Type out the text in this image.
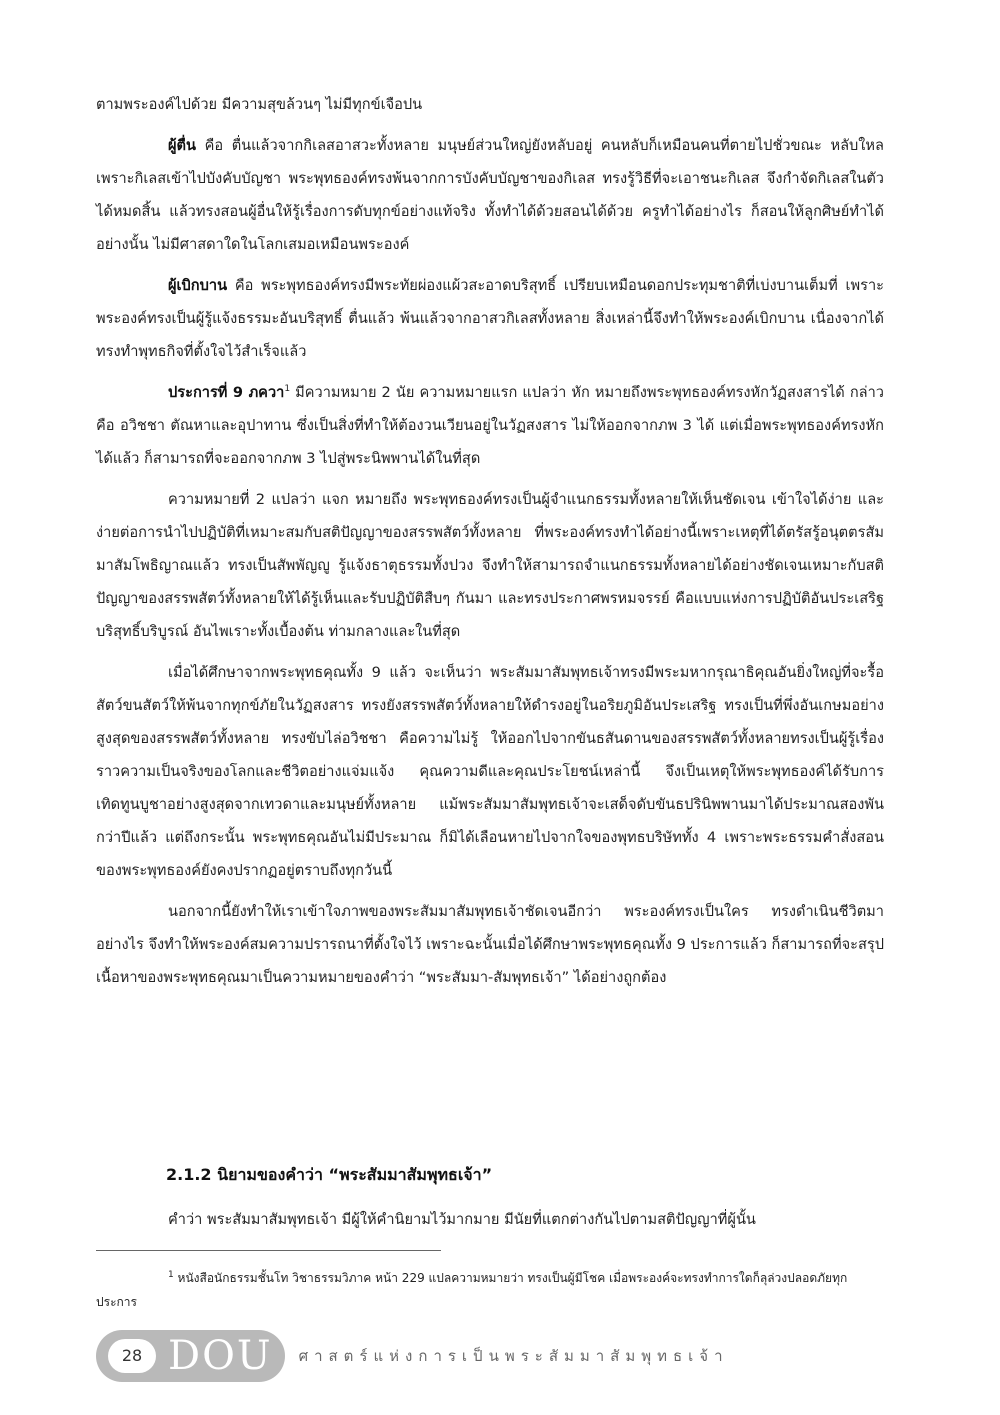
ตามพระองค์ไปด้วย มีความสุขล้วนๆ ไม่มีทุกข์เจือปน

ผู้ตื่น คือ ตื่นแล้วจากกิเลสอาสวะทั้งหลาย มนุษย์ส่วนใหญ่ยังหลับอยู่ คนหลับก็เหมือนคนที่ตายไปชั่วขณะ หลับใหลเพราะกิเลสเข้าไปบังคับบัญชา พระพุทธองค์ทรงพ้นจากการบังคับบัญชาของกิเลส ทรงรู้วิธีที่จะเอาชนะกิเลส จึงกำจัดกิเลสในตัวได้หมดสิ้น แล้วทรงสอนผู้อื่นให้รู้เรื่องการดับทุกข์อย่างแท้จริง ทั้งทำได้ด้วยสอนได้ด้วย ครูทำได้อย่างไร ก็สอนให้ลูกศิษย์ทำได้อย่างนั้น ไม่มีศาสดาใดในโลกเสมอเหมือนพระองค์

ผู้เบิกบาน คือ พระพุทธองค์ทรงมีพระทัยผ่องแผ้วสะอาดบริสุทธิ์ เปรียบเหมือนดอกประทุมชาติที่เบ่งบานเต็มที่ เพราะพระองค์ทรงเป็นผู้รู้แจ้งธรรมะอันบริสุทธิ์ ตื่นแล้ว พ้นแล้วจากอาสวกิเลสทั้งหลาย สิ่งเหล่านี้จึงทำให้พระองค์เบิกบาน เนื่องจากได้ทรงทำพุทธกิจที่ตั้งใจไว้สำเร็จแล้ว

ประการที่ 9 ภควา$^1$ มีความหมาย 2 นัย ความหมายแรก แปลว่า หัก หมายถึงพระพุทธองค์ทรงหักวัฏสงสารได้ กล่าวคือ อวิชชา ตัณหาและอุปาทาน ซึ่งเป็นสิ่งที่ทำให้ต้องวนเวียนอยู่ในวัฏสงสาร ไม่ให้ออกจากภพ 3 ได้ แต่เมื่อพระพุทธองค์ทรงหักได้แล้ว ก็สามารถที่จะออกจากภพ 3 ไปสู่พระนิพพานได้ในที่สุด

ความหมายที่ 2 แปลว่า แจก หมายถึง พระพุทธองค์ทรงเป็นผู้จำแนกธรรมทั้งหลายให้เห็นชัดเจน เข้าใจได้ง่าย และง่ายต่อการนำไปปฏิบัติที่เหมาะสมกับสติปัญญาของสรรพสัตว์ทั้งหลาย ที่พระองค์ทรงทำได้อย่างนี้เพราะเหตุที่ได้ตรัสรู้อนุตตรสัมมาสัมโพธิญาณแล้ว ทรงเป็นสัพพัญญู รู้แจ้งธาตุธรรมทั้งปวง จึงทำให้สามารถจำแนกธรรมทั้งหลายได้อย่างชัดเจนเหมาะกับสติปัญญาของสรรพสัตว์ทั้งหลายให้ได้รู้เห็นและรับปฏิบัติสืบๆ กันมา และทรงประกาศพรหมจรรย์ คือแบบแห่งการปฏิบัติอันประเสริฐ บริสุทธิ์บริบูรณ์ อันไพเราะทั้งเบื้องต้น ท่ามกลางและในที่สุด

เมื่อได้ศึกษาจากพระพุทธคุณทั้ง 9 แล้ว จะเห็นว่า พระสัมมาสัมพุทธเจ้าทรงมีพระมหากรุณาธิคุณอันยิ่งใหญ่ที่จะรื้อสัตว์ขนสัตว์ให้พ้นจากทุกข์ภัยในวัฏสงสาร ทรงยังสรรพสัตว์ทั้งหลายให้ดำรงอยู่ในอริยภูมิอันประเสริฐ ทรงเป็นที่พึ่งอันเกษมอย่างสูงสุดของสรรพสัตว์ทั้งหลาย ทรงขับไล่อวิชชา คือความไม่รู้ ให้ออกไปจากขันธสันดานของสรรพสัตว์ทั้งหลายทรงเป็นผู้รู้เรื่องราวความเป็นจริงของโลกและชีวิตอย่างแจ่มแจ้ง คุณความดีและคุณประโยชน์เหล่านี้ จึงเป็นเหตุให้พระพุทธองค์ได้รับการเทิดทูนบูชาอย่างสูงสุดจากเทวดาและมนุษย์ทั้งหลาย แม้พระสัมมาสัมพุทธเจ้าจะเสด็จดับขันธปรินิพพานมาได้ประมาณสองพันกว่าปีแล้ว แต่ถึงกระนั้น พระพุทธคุณอันไม่มีประมาณ ก็มิได้เลือนหายไปจากใจของพุทธบริษัททั้ง 4 เพราะพระธรรมคำสั่งสอนของพระพุทธองค์ยังคงปรากฏอยู่ตราบถึงทุกวันนี้

นอกจากนี้ยังทำให้เราเข้าใจภาพของพระสัมมาสัมพุทธเจ้าชัดเจนอีกว่า พระองค์ทรงเป็นใคร ทรงดำเนินชีวิตมาอย่างไร จึงทำให้พระองค์สมความปรารถนาที่ตั้งใจไว้ เพราะฉะนั้นเมื่อได้ศึกษาพระพุทธคุณทั้ง 9 ประการแล้ว ก็สามารถที่จะสรุปเนื้อหาของพระพุทธคุณมาเป็นความหมายของคำว่า “พระสัมมา-สัมพุทธเจ้า” ได้อย่างถูกต้อง

2.1.2 นิยามของคำว่า “พระสัมมาสัมพุทธเจ้า”

คำว่า พระสัมมาสัมพุทธเจ้า มีผู้ให้คำนิยามไว้มากมาย มีนัยที่แตกต่างกันไปตามสติปัญญาที่ผู้นั้น

$^1$ หนังสือนักธรรมชั้นโท วิชาธรรมวิภาค หน้า 229 แปลความหมายว่า ทรงเป็นผู้มีโชค เมื่อพระองค์จะทรงทำการใดก็ลุล่วงปลอดภัยทุกประการ

28 DOU ศาสตร์แห่งการเป็นพระสัมมาสัมพุทธเจ้า
